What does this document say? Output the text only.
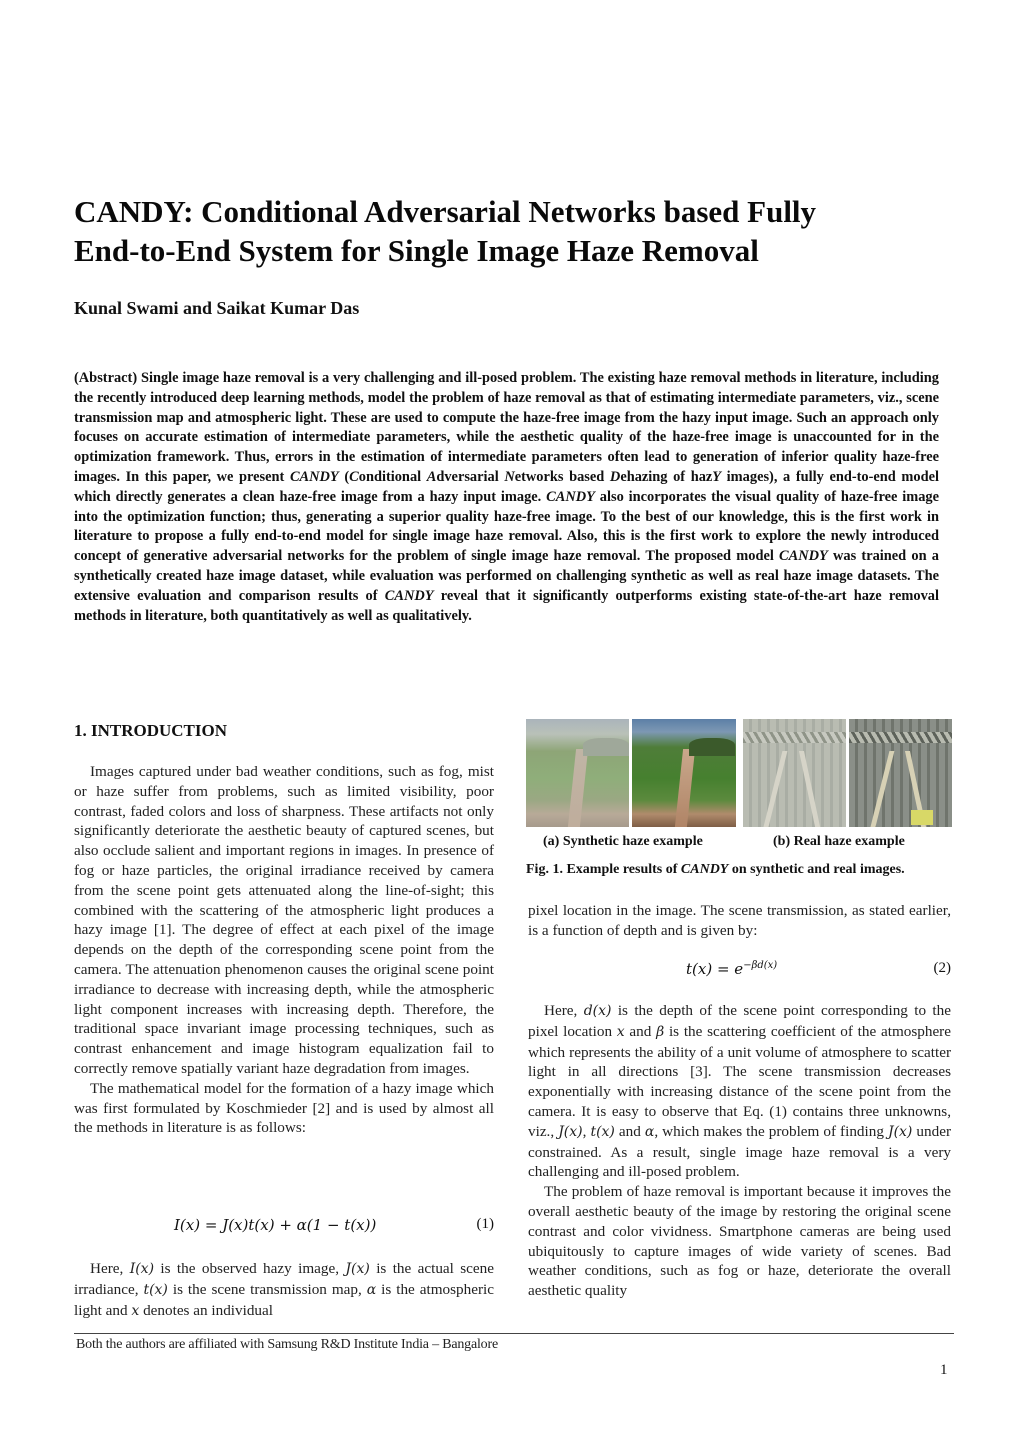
CANDY: Conditional Adversarial Networks based Fully
End-to-End System for Single Image Haze Removal
Kunal Swami and Saikat Kumar Das
(Abstract) Single image haze removal is a very challenging and ill-posed problem. The existing haze removal methods in literature, including the recently introduced deep learning methods, model the problem of haze removal as that of estimating intermediate parameters, viz., scene transmission map and atmospheric light. These are used to compute the haze-free image from the hazy input image. Such an approach only focuses on accurate estimation of intermediate parameters, while the aesthetic quality of the haze-free image is unaccounted for in the optimization framework. Thus, errors in the estimation of intermediate parameters often lead to generation of inferior quality haze-free images. In this paper, we present CANDY (Conditional Adversarial Networks based Dehazing of hazY images), a fully end-to-end model which directly generates a clean haze-free image from a hazy input image. CANDY also incorporates the visual quality of haze-free image into the optimization function; thus, generating a superior quality haze-free image. To the best of our knowledge, this is the first work in literature to propose a fully end-to-end model for single image haze removal. Also, this is the first work to explore the newly introduced concept of generative adversarial networks for the problem of single image haze removal. The proposed model CANDY was trained on a synthetically created haze image dataset, while evaluation was performed on challenging synthetic as well as real haze image datasets. The extensive evaluation and comparison results of CANDY reveal that it significantly outperforms existing state-of-the-art haze removal methods in literature, both quantitatively as well as qualitatively.
1. INTRODUCTION

Images captured under bad weather conditions, such as fog, mist or haze suffer from problems, such as limited visibility, poor contrast, faded colors and loss of sharpness. These artifacts not only significantly deteriorate the aesthetic beauty of captured scenes, but also occlude salient and important regions in images. In presence of fog or haze particles, the original irradiance received by camera from the scene point gets attenuated along the line-of-sight; this combined with the scattering of the atmospheric light produces a hazy image [1]. The degree of effect at each pixel of the image depends on the depth of the corresponding scene point from the camera. The attenuation phenomenon causes the original scene point irradiance to decrease with increasing depth, while the atmospheric light component increases with increasing depth. Therefore, the traditional space invariant image processing techniques, such as contrast enhancement and image histogram equalization fail to correctly remove spatially variant haze degradation from images.

The mathematical model for the formation of a hazy image which was first formulated by Koschmieder [2] and is used by almost all the methods in literature is as follows:

I(x) = J(x)t(x) + α(1 − t(x))	(1)

Here, I(x) is the observed hazy image, J(x) is the actual scene irradiance, t(x) is the scene transmission map, α is the atmospheric light and x denotes an individual

(a) Synthetic haze example	(b) Real haze example
Fig. 1. Example results of CANDY on synthetic and real images.

pixel location in the image. The scene transmission, as stated earlier, is a function of depth and is given by:

$t(x) = e^{-\beta d(x)}$	(2)

Here, d(x) is the depth of the scene point corresponding to the pixel location x and β is the scattering coefficient of the atmosphere which represents the ability of a unit volume of atmosphere to scatter light in all directions [3]. The scene transmission decreases exponentially with increasing distance of the scene point from the camera. It is easy to observe that Eq. (1) contains three unknowns, viz., J(x), t(x) and α, which makes the problem of finding J(x) under constrained. As a result, single image haze removal is a very challenging and ill-posed problem.

The problem of haze removal is important because it improves the overall aesthetic beauty of the image by restoring the original scene contrast and color vividness. Smartphone cameras are being used ubiquitously to capture images of wide variety of scenes. Bad weather conditions, such as fog or haze, deteriorate the overall aesthetic quality

Both the authors are affiliated with Samsung R&D Institute India – Bangalore
1
